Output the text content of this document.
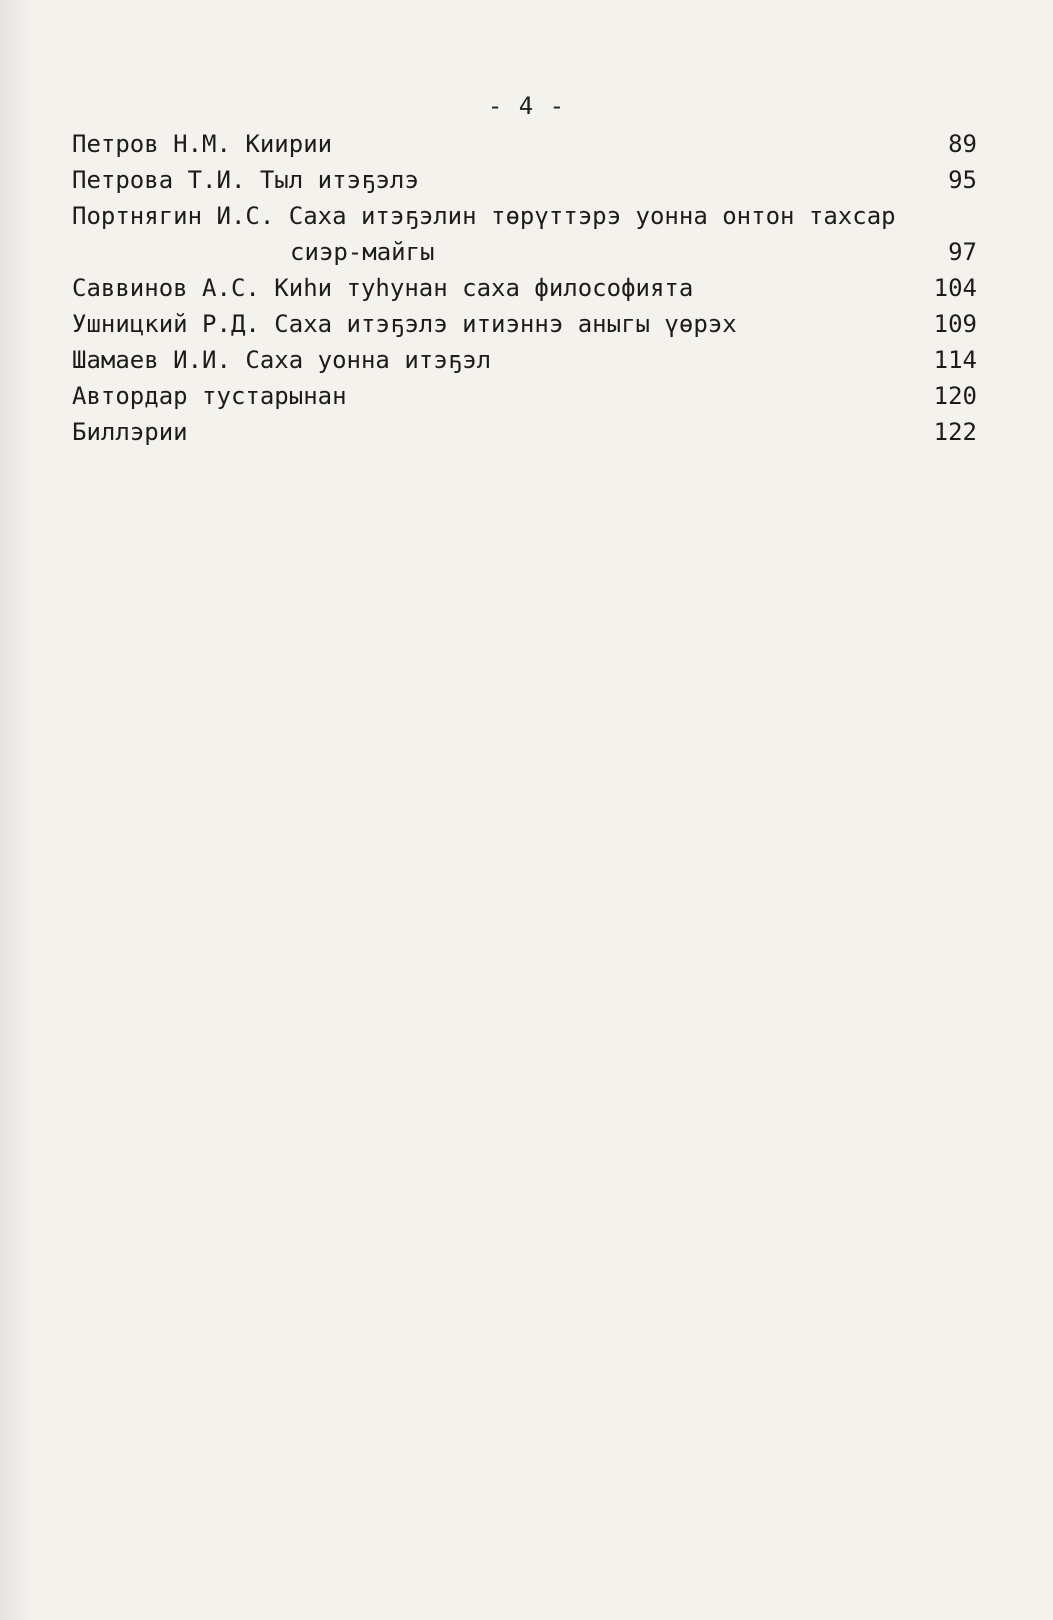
- 4 -
Петров Н.М. Киирии	89
Петрова Т.И. Тыл итэҕэлэ	95
Портнягин И.С. Саха итэҕэлин төрүттэрэ уонна онтон тахсар
сиэр-майгы	97
Саввинов А.С. Киһи туһунан саха философията	104
Ушницкий Р.Д. Саха итэҕэлэ итиэннэ аныгы үөрэх	109
Шамаев И.И. Саха уонна итэҕэл	114
Автордар тустарынан	120
Биллэрии	122
